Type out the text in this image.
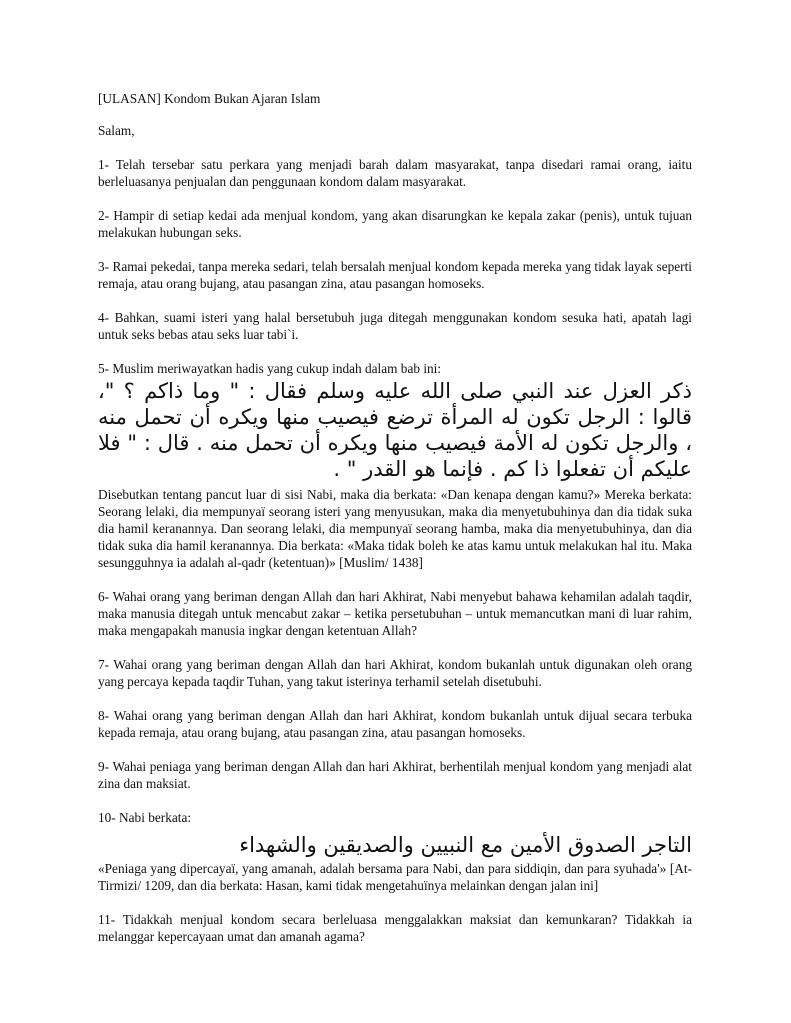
[ULASAN] Kondom Bukan Ajaran Islam
Salam,
1- Telah tersebar satu perkara yang menjadi barah dalam masyarakat, tanpa disedari ramai orang, iaitu berleluasanya penjualan dan penggunaan kondom dalam masyarakat.
2- Hampir di setiap kedai ada menjual kondom, yang akan disarungkan ke kepala zakar (penis), untuk tujuan melakukan hubungan seks.
3- Ramai pekedai, tanpa mereka sedari, telah bersalah menjual kondom kepada mereka yang tidak layak seperti remaja, atau orang bujang, atau pasangan zina, atau pasangan homoseks.
4- Bahkan, suami isteri yang halal bersetubuh juga ditegah menggunakan kondom sesuka hati, apatah lagi untuk seks bebas atau seks luar tabi`i.
5- Muslim meriwayatkan hadis yang cukup indah dalam bab ini:
ذكر العزل عند النبي صلى الله عليه وسلم فقال : " وما ذاكم ؟ "، قالوا : الرجل تكون له المرأة ترضع فيصيب منها ويكره أن تحمل منه ، والرجل تكون له الأمة فيصيب منها ويكره أن تحمل منه . قال : " فلا عليكم أن تفعلوا ذا كم . فإنما هو القدر " .
Disebutkan tentang pancut luar di sisi Nabi, maka dia berkata: «Dan kenapa dengan kamu?» Mereka berkata: Seorang lelaki, dia mempunyaï seorang isteri yang menyusukan, maka dia menyetubuhinya dan dia tidak suka dia hamil keranannya. Dan seorang lelaki, dia mempunyaï seorang hamba, maka dia menyetubuhinya, dan dia tidak suka dia hamil keranannya. Dia berkata: «Maka tidak boleh ke atas kamu untuk melakukan hal itu. Maka sesungguhnya ia adalah al-qadr (ketentuan)» [Muslim/ 1438]
6- Wahai orang yang beriman dengan Allah dan hari Akhirat, Nabi menyebut bahawa kehamilan adalah taqdir, maka manusia ditegah untuk mencabut zakar – ketika persetubuhan – untuk memancutkan mani di luar rahim, maka mengapakah manusia ingkar dengan ketentuan Allah?
7- Wahai orang yang beriman dengan Allah dan hari Akhirat, kondom bukanlah untuk digunakan oleh orang yang percaya kepada taqdir Tuhan, yang takut isterinya terhamil setelah disetubuhi.
8- Wahai orang yang beriman dengan Allah dan hari Akhirat, kondom bukanlah untuk dijual secara terbuka kepada remaja, atau orang bujang, atau pasangan zina, atau pasangan homoseks.
9- Wahai peniaga yang beriman dengan Allah dan hari Akhirat, berhentilah menjual kondom yang menjadi alat zina dan maksiat.
10- Nabi berkata:
التاجر الصدوق الأمين مع النبيين والصديقين والشهداء
«Peniaga yang dipercayaï, yang amanah, adalah bersama para Nabi, dan para siddiqin, dan para syuhada'» [At-Tirmizi/ 1209, dan dia berkata: Hasan, kami tidak mengetahuïnya melainkan dengan jalan ini]
11- Tidakkah menjual kondom secara berleluasa menggalakkan maksiat dan kemunkaran? Tidakkah ia melanggar kepercayaan umat dan amanah agama?
